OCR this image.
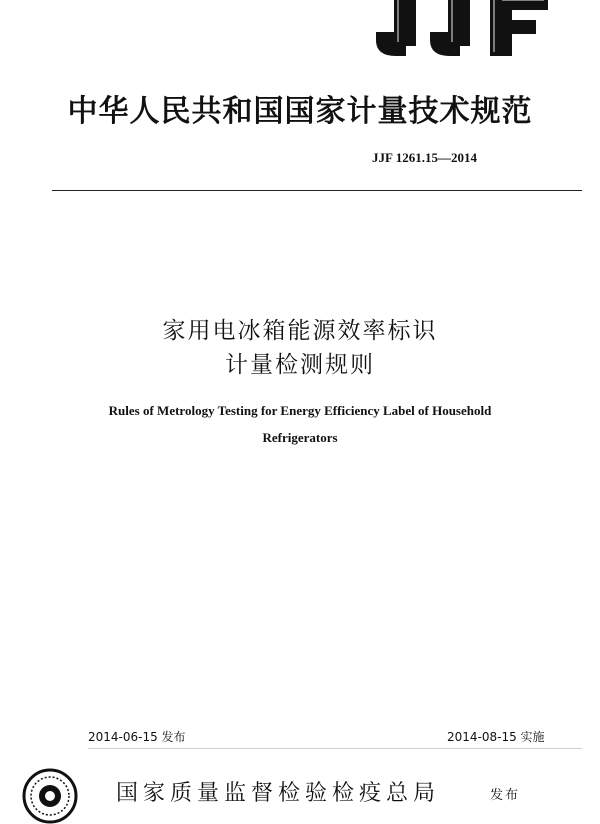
中华人民共和国国家计量技术规范
JJF 1261.15—2014
家用电冰箱能源效率标识
计量检测规则
Rules of Metrology Testing for Energy Efficiency Label of Household
Refrigerators
2014-06-15 发布	2014-08-15 实施
国家质量监督检验检疫总局	发布
